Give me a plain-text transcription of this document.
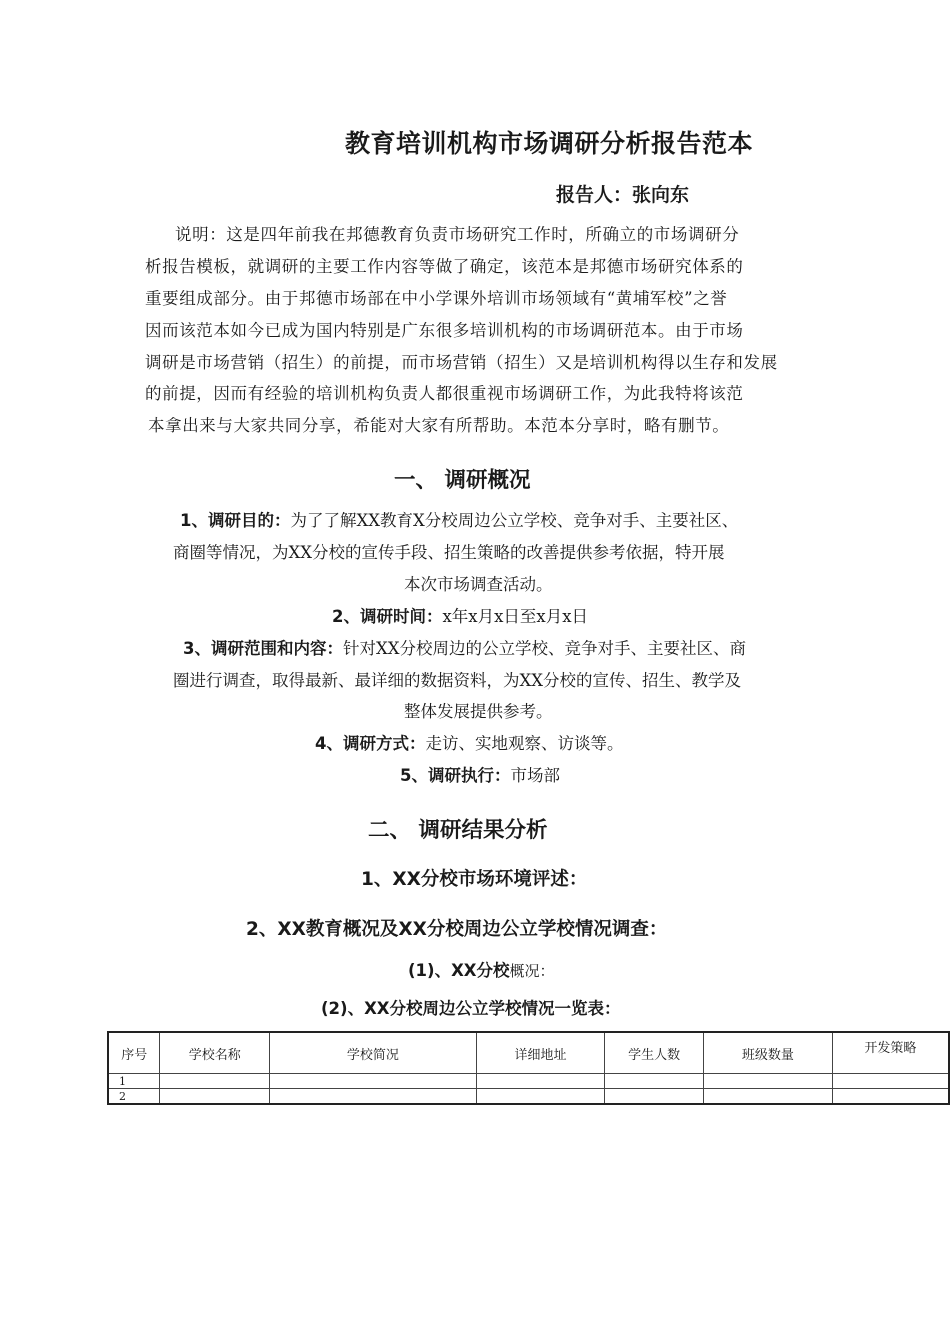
教育培训机构市场调研分析报告范本
报告人：张向东
说明：这是四年前我在邦德教育负责市场研究工作时，所确立的市场调研分
析报告模板，就调研的主要工作内容等做了确定，该范本是邦德市场研究体系的
重要组成部分。由于邦德市场部在中小学课外培训市场领域有“黄埔军校”之誉
因而该范本如今已成为国内特别是广东很多培训机构的市场调研范本。由于市场
调研是市场营销（招生）的前提，而市场营销（招生）又是培训机构得以生存和发展
的前提，因而有经验的培训机构负责人都很重视市场调研工作，为此我特将该范
本拿出来与大家共同分享，希能对大家有所帮助。本范本分享时，略有删节。
一、 调研概况
1、调研目的：为了了解XX教育X分校周边公立学校、竞争对手、主要社区、
商圈等情况，为XX分校的宣传手段、招生策略的改善提供参考依据，特开展
本次市场调查活动。
2、调研时间：x年x月x日至x月x日
3、调研范围和内容：针对XX分校周边的公立学校、竞争对手、主要社区、商
圈进行调查，取得最新、最详细的数据资料，为XX分校的宣传、招生、教学及
整体发展提供参考。
4、调研方式：走访、实地观察、访谈等。
5、调研执行：市场部
二、 调研结果分析
1、XX分校市场环境评述：
2、XX教育概况及XX分校周边公立学校情况调查：
(1)、XX分校概况：
(2)、XX分校周边公立学校情况一览表：
序号	学校名称	学校简况	详细地址	学生人数	班级数量	开发策略
1						
2						
